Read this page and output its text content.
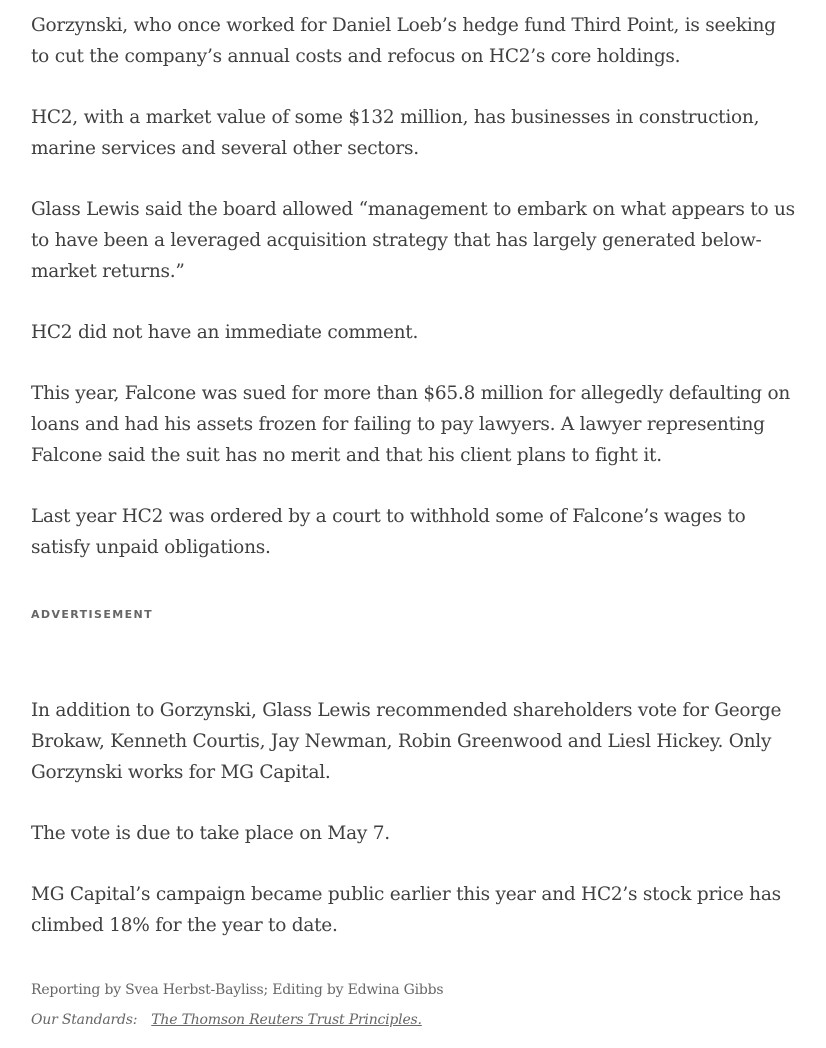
Gorzynski, who once worked for Daniel Loeb’s hedge fund Third Point, is seeking to cut the company’s annual costs and refocus on HC2’s core holdings.

HC2, with a market value of some $132 million, has businesses in construction, marine services and several other sectors.

Glass Lewis said the board allowed “management to embark on what appears to us to have been a leveraged acquisition strategy that has largely generated below-market returns.”

HC2 did not have an immediate comment.

This year, Falcone was sued for more than $65.8 million for allegedly defaulting on loans and had his assets frozen for failing to pay lawyers. A lawyer representing Falcone said the suit has no merit and that his client plans to fight it.

Last year HC2 was ordered by a court to withhold some of Falcone’s wages to satisfy unpaid obligations.

ADVERTISEMENT

In addition to Gorzynski, Glass Lewis recommended shareholders vote for George Brokaw, Kenneth Courtis, Jay Newman, Robin Greenwood and Liesl Hickey. Only Gorzynski works for MG Capital.

The vote is due to take place on May 7.

MG Capital’s campaign became public earlier this year and HC2’s stock price has climbed 18% for the year to date.

Reporting by Svea Herbst-Bayliss; Editing by Edwina Gibbs
Our Standards: The Thomson Reuters Trust Principles.
